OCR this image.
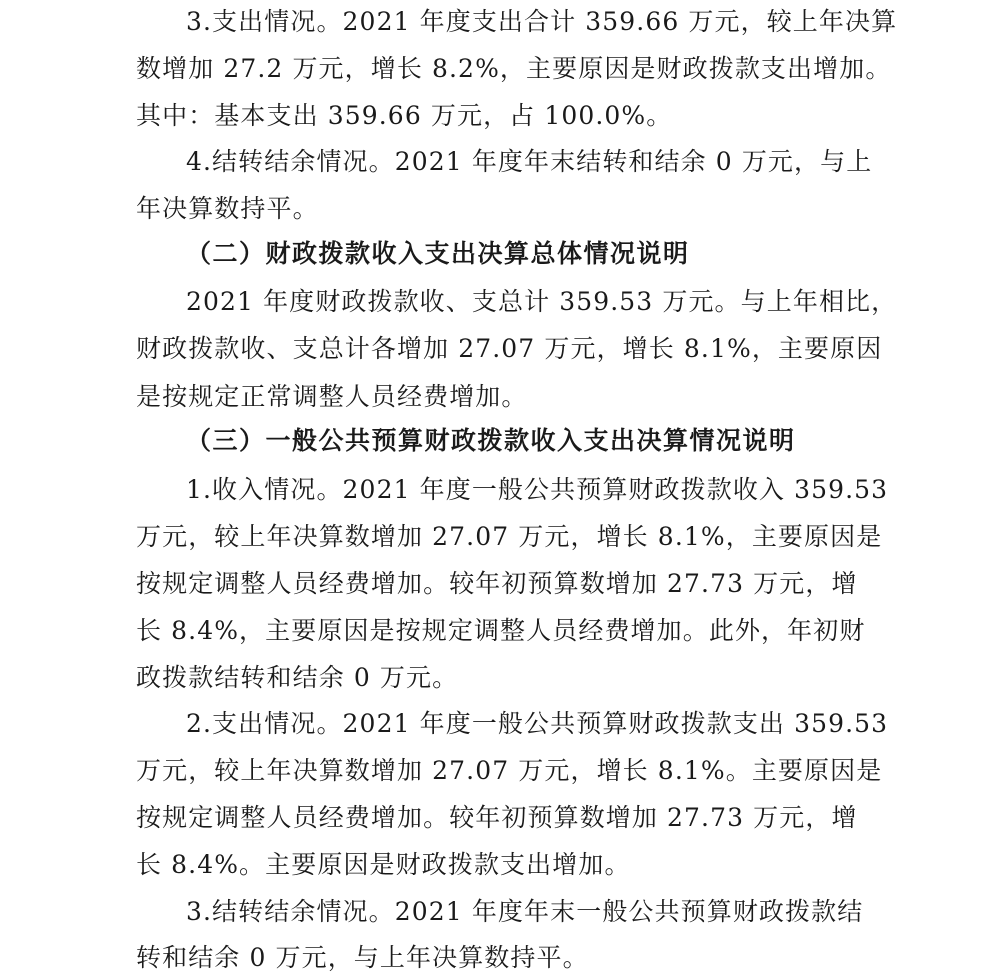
3.支出情况。2021 年度支出合计 359.66 万元，较上年决算

数增加 27.2 万元，增长 8.2%，主要原因是财政拨款支出增加。

其中：基本支出 359.66 万元，占 100.0%。

4.结转结余情况。2021 年度年末结转和结余 0 万元，与上

年决算数持平。

（二）财政拨款收入支出决算总体情况说明

2021 年度财政拨款收、支总计 359.53 万元。与上年相比，

财政拨款收、支总计各增加 27.07 万元，增长 8.1%，主要原因

是按规定正常调整人员经费增加。

（三）一般公共预算财政拨款收入支出决算情况说明

1.收入情况。2021 年度一般公共预算财政拨款收入 359.53

万元，较上年决算数增加 27.07 万元，增长 8.1%，主要原因是

按规定调整人员经费增加。较年初预算数增加 27.73 万元，增

长 8.4%，主要原因是按规定调整人员经费增加。此外，年初财

政拨款结转和结余 0 万元。

2.支出情况。2021 年度一般公共预算财政拨款支出 359.53

万元，较上年决算数增加 27.07 万元，增长 8.1%。主要原因是

按规定调整人员经费增加。较年初预算数增加 27.73 万元，增

长 8.4%。主要原因是财政拨款支出增加。

3.结转结余情况。2021 年度年末一般公共预算财政拨款结

转和结余 0 万元，与上年决算数持平。
